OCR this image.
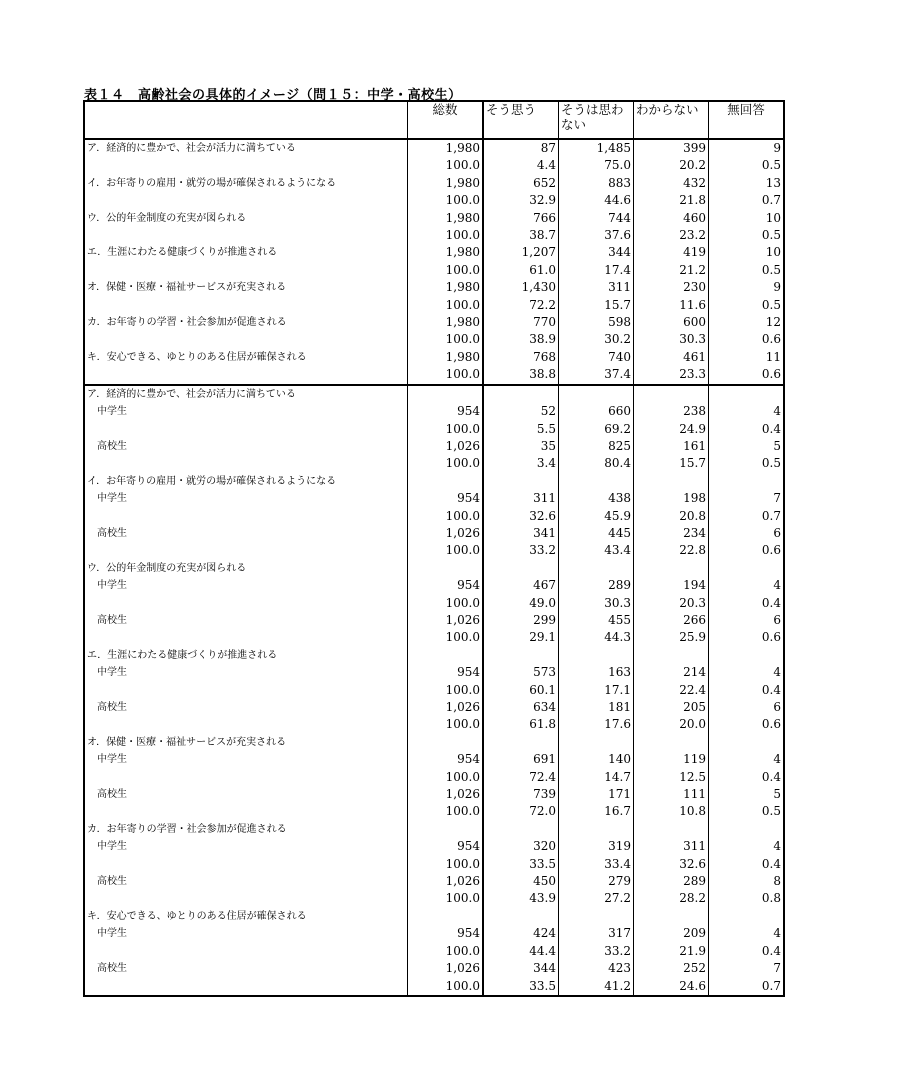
表１４　高齢社会の具体的イメージ（問１５：中学・高校生）
	総数	そう思う	そうは思わない	わからない	無回答
ア．経済的に豊かで、社会が活力に満ちている	1,980	87	1,485	399	9
	100.0	4.4	75.0	20.2	0.5
イ．お年寄りの雇用・就労の場が確保されるようになる	1,980	652	883	432	13
	100.0	32.9	44.6	21.8	0.7
ウ．公的年金制度の充実が図られる	1,980	766	744	460	10
	100.0	38.7	37.6	23.2	0.5
エ．生涯にわたる健康づくりが推進される	1,980	1,207	344	419	10
	100.0	61.0	17.4	21.2	0.5
オ．保健・医療・福祉サービスが充実される	1,980	1,430	311	230	9
	100.0	72.2	15.7	11.6	0.5
カ．お年寄りの学習・社会参加が促進される	1,980	770	598	600	12
	100.0	38.9	30.2	30.3	0.6
キ．安心できる、ゆとりのある住居が確保される	1,980	768	740	461	11
	100.0	38.8	37.4	23.3	0.6
ア．経済的に豊かで、社会が活力に満ちている					
中学生	954	52	660	238	4
	100.0	5.5	69.2	24.9	0.4
高校生	1,026	35	825	161	5
	100.0	3.4	80.4	15.7	0.5
イ．お年寄りの雇用・就労の場が確保されるようになる					
中学生	954	311	438	198	7
	100.0	32.6	45.9	20.8	0.7
高校生	1,026	341	445	234	6
	100.0	33.2	43.4	22.8	0.6
ウ．公的年金制度の充実が図られる					
中学生	954	467	289	194	4
	100.0	49.0	30.3	20.3	0.4
高校生	1,026	299	455	266	6
	100.0	29.1	44.3	25.9	0.6
エ．生涯にわたる健康づくりが推進される					
中学生	954	573	163	214	4
	100.0	60.1	17.1	22.4	0.4
高校生	1,026	634	181	205	6
	100.0	61.8	17.6	20.0	0.6
オ．保健・医療・福祉サービスが充実される					
中学生	954	691	140	119	4
	100.0	72.4	14.7	12.5	0.4
高校生	1,026	739	171	111	5
	100.0	72.0	16.7	10.8	0.5
カ．お年寄りの学習・社会参加が促進される					
中学生	954	320	319	311	4
	100.0	33.5	33.4	32.6	0.4
高校生	1,026	450	279	289	8
	100.0	43.9	27.2	28.2	0.8
キ．安心できる、ゆとりのある住居が確保される					
中学生	954	424	317	209	4
	100.0	44.4	33.2	21.9	0.4
高校生	1,026	344	423	252	7
	100.0	33.5	41.2	24.6	0.7
